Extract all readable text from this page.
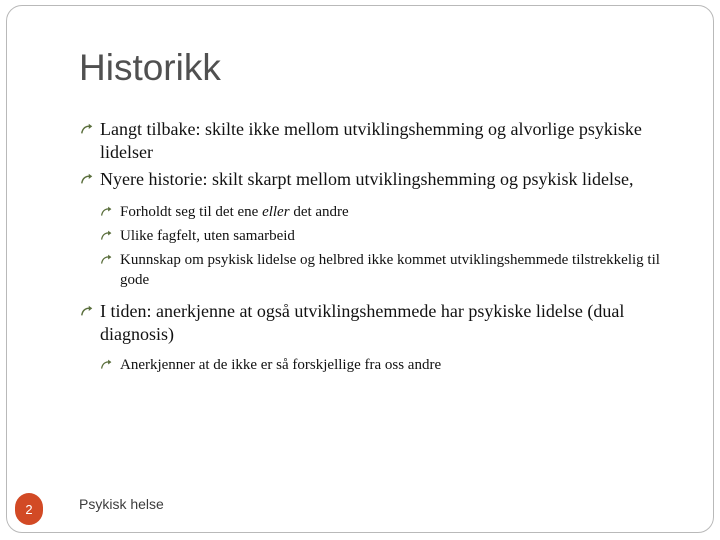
Historikk
Langt tilbake: skilte ikke mellom utviklingshemming og alvorlige psykiske lidelser
Nyere historie: skilt skarpt mellom utviklingshemming og psykisk lidelse,
Forholdt seg til det ene eller det andre
Ulike fagfelt, uten samarbeid
Kunnskap om psykisk lidelse og helbred ikke kommet utviklingshemmede tilstrekkelig til gode
I tiden: anerkjenne at også utviklingshemmede har psykiske lidelse (dual diagnosis)
Anerkjenner at de ikke er så forskjellige fra oss andre
2	Psykisk helse
